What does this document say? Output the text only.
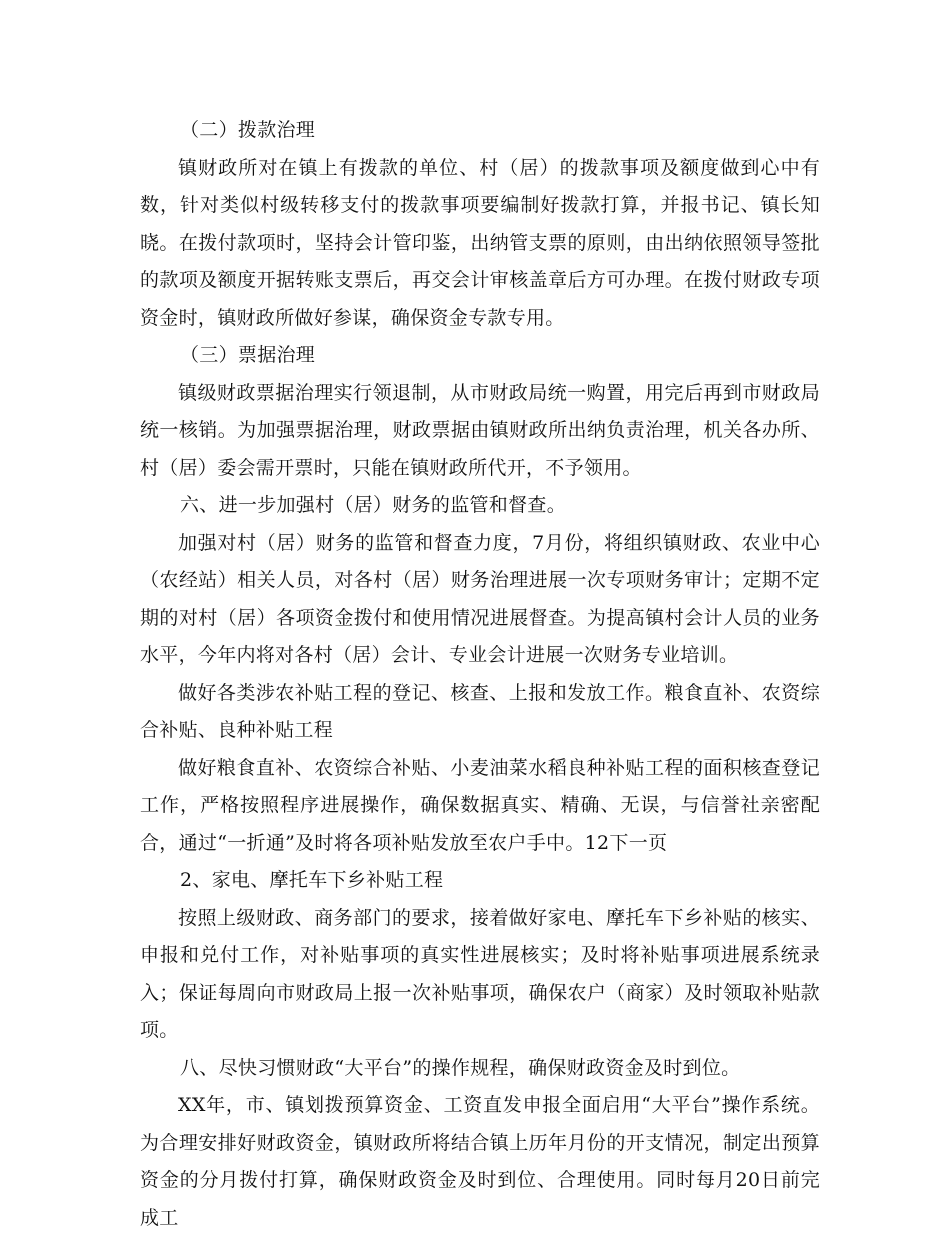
（二）拨款治理

镇财政所对在镇上有拨款的单位、村（居）的拨款事项及额度做到心中有数，针对类似村级转移支付的拨款事项要编制好拨款打算，并报书记、镇长知晓。在拨付款项时，坚持会计管印鉴，出纳管支票的原则，由出纳依照领导签批的款项及额度开据转账支票后，再交会计审核盖章后方可办理。在拨付财政专项资金时，镇财政所做好参谋，确保资金专款专用。

（三）票据治理

镇级财政票据治理实行领退制，从市财政局统一购置，用完后再到市财政局统一核销。为加强票据治理，财政票据由镇财政所出纳负责治理，机关各办所、村（居）委会需开票时，只能在镇财政所代开，不予领用。

六、进一步加强村（居）财务的监管和督查。

加强对村（居）财务的监管和督查力度，7月份，将组织镇财政、农业中心（农经站）相关人员，对各村（居）财务治理进展一次专项财务审计；定期不定期的对村（居）各项资金拨付和使用情况进展督查。为提高镇村会计人员的业务水平，今年内将对各村（居）会计、专业会计进展一次财务专业培训。

做好各类涉农补贴工程的登记、核查、上报和发放工作。粮食直补、农资综合补贴、良种补贴工程

做好粮食直补、农资综合补贴、小麦油菜水稻良种补贴工程的面积核查登记工作，严格按照程序进展操作，确保数据真实、精确、无误，与信誉社亲密配合，通过“一折通”及时将各项补贴发放至农户手中。12下一页

2、家电、摩托车下乡补贴工程

按照上级财政、商务部门的要求，接着做好家电、摩托车下乡补贴的核实、申报和兑付工作，对补贴事项的真实性进展核实；及时将补贴事项进展系统录入；保证每周向市财政局上报一次补贴事项，确保农户（商家）及时领取补贴款项。

八、尽快习惯财政“大平台”的操作规程，确保财政资金及时到位。

XX年，市、镇划拨预算资金、工资直发申报全面启用“大平台”操作系统。为合理安排好财政资金，镇财政所将结合镇上历年月份的开支情况，制定出预算资金的分月拨付打算，确保财政资金及时到位、合理使用。同时每月20日前完成工
